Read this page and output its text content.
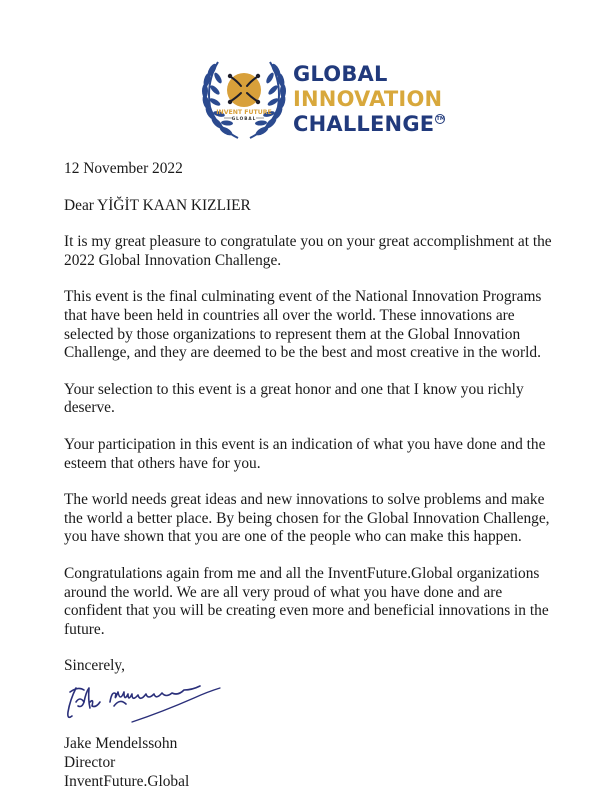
INVENT FUTURE
GLOBAL
GLOBAL
INNOVATION
CHALLENGE TM

12 November 2022

Dear YİĞİT KAAN KIZLIER

It is my great pleasure to congratulate you on your great accomplishment at the 2022 Global Innovation Challenge.

This event is the final culminating event of the National Innovation Programs that have been held in countries all over the world. These innovations are selected by those organizations to represent them at the Global Innovation Challenge, and they are deemed to be the best and most creative in the world.

Your selection to this event is a great honor and one that I know you richly deserve.

Your participation in this event is an indication of what you have done and the esteem that others have for you.

The world needs great ideas and new innovations to solve problems and make the world a better place. By being chosen for the Global Innovation Challenge, you have shown that you are one of the people who can make this happen.

Congratulations again from me and all the InventFuture.Global organizations around the world. We are all very proud of what you have done and are confident that you will be creating even more and beneficial innovations in the future.

Sincerely,

Jake Mendelssohn

Director

InventFuture.Global
